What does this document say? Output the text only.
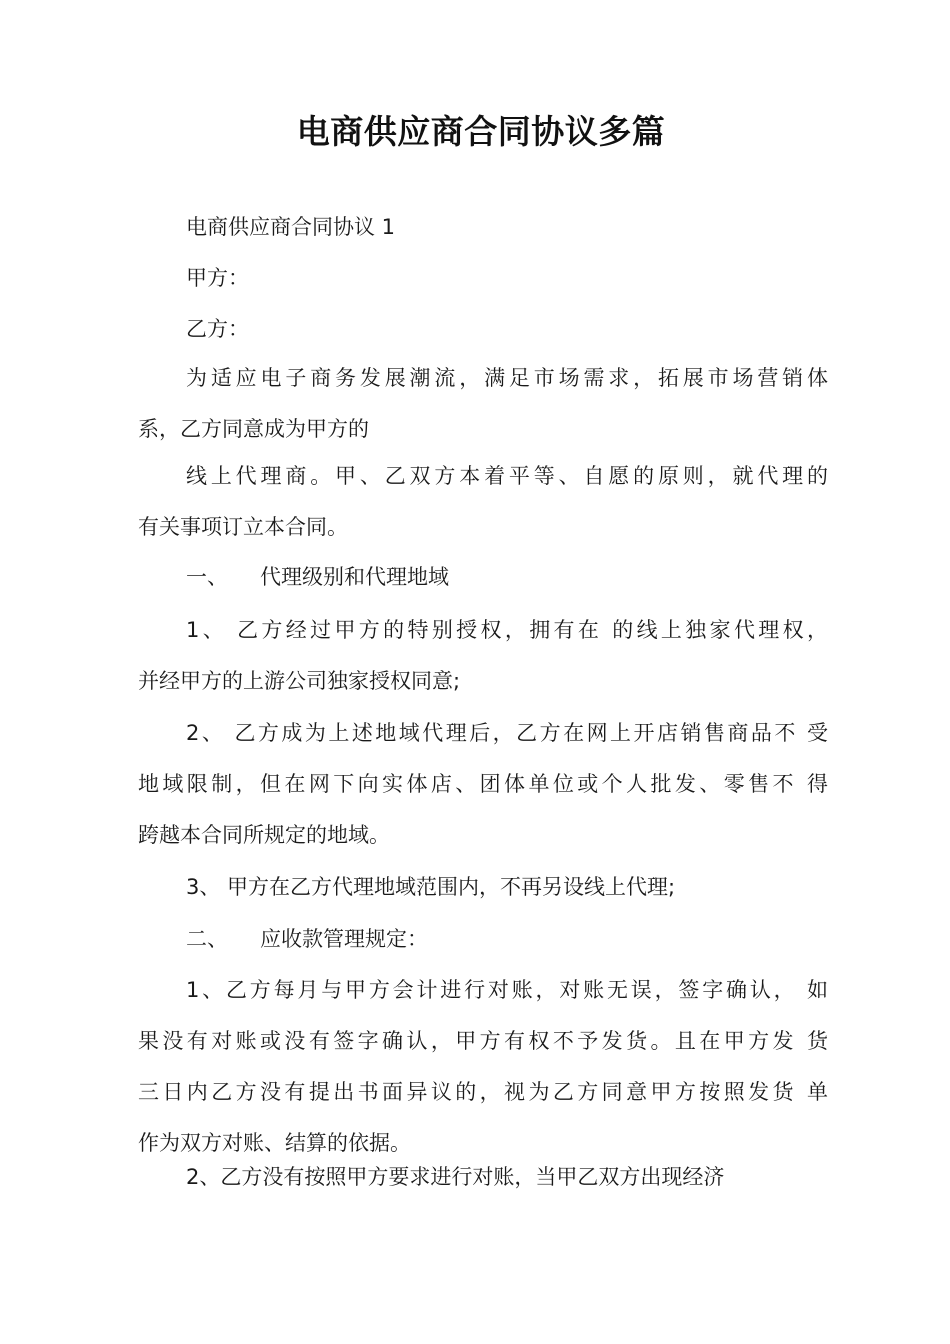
电商供应商合同协议多篇
电商供应商合同协议 1
甲方：
乙方：
为适应电子商务发展潮流，满足市场需求，拓展市场营销体
系，乙方同意成为甲方的
线上代理商。甲、乙双方本着平等、自愿的原则，就代理的
有关事项订立本合同。
一、 代理级别和代理地域
1、 乙方经过甲方的特别授权，拥有在 的线上独家代理权，
并经甲方的上游公司独家授权同意;
2、 乙方成为上述地域代理后，乙方在网上开店销售商品不 受
地域限制，但在网下向实体店、团体单位或个人批发、零售不 得
跨越本合同所规定的地域。
3、 甲方在乙方代理地域范围内，不再另设线上代理;
二、 应收款管理规定：
1、乙方每月与甲方会计进行对账，对账无误，签字确认， 如
果没有对账或没有签字确认，甲方有权不予发货。且在甲方发 货
三日内乙方没有提出书面异议的，视为乙方同意甲方按照发货 单
作为双方对账、结算的依据。
2、乙方没有按照甲方要求进行对账，当甲乙双方出现经济
